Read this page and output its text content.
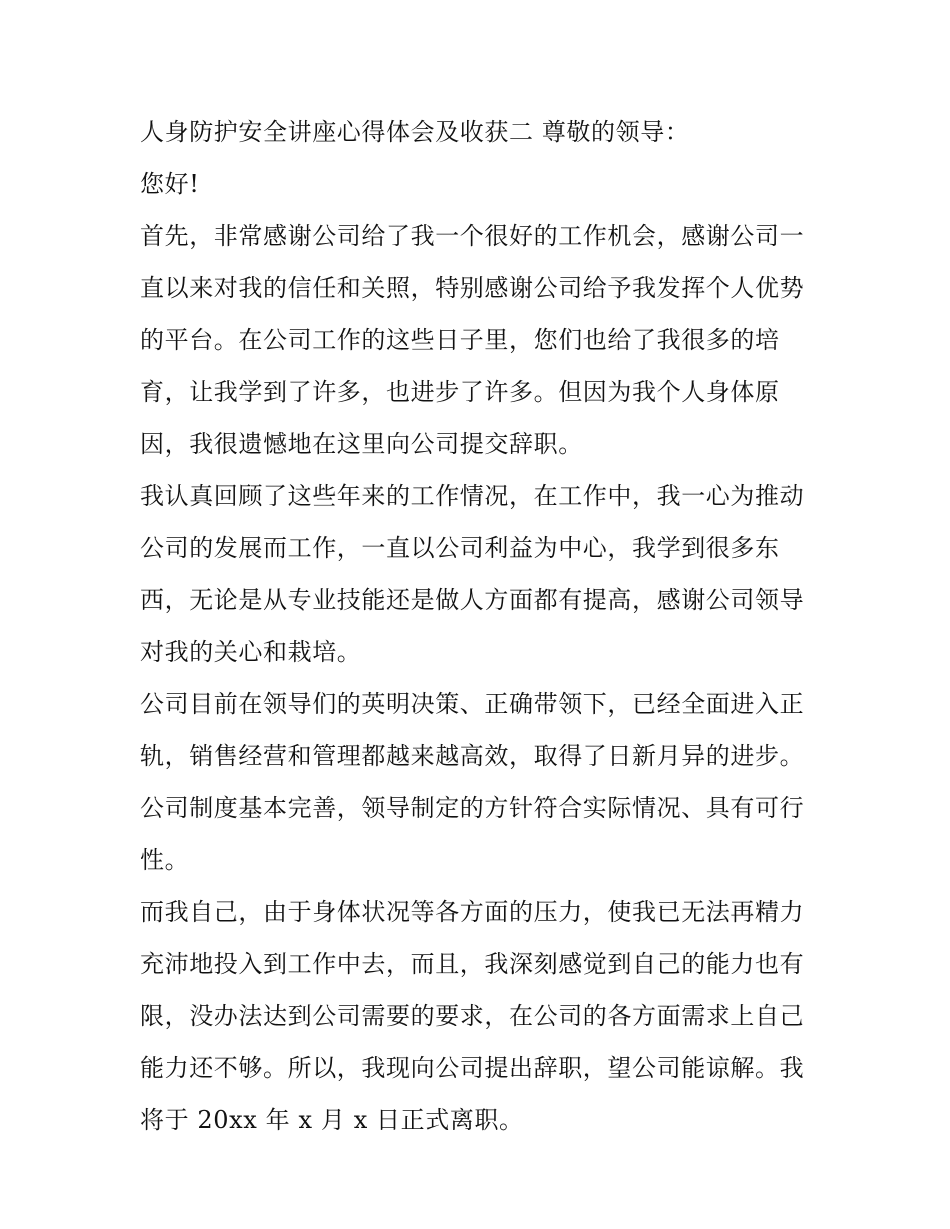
人身防护安全讲座心得体会及收获二 尊敬的领导：
您好!
首先，非常感谢公司给了我一个很好的工作机会，感谢公司一
直以来对我的信任和关照，特别感谢公司给予我发挥个人优势
的平台。在公司工作的这些日子里，您们也给了我很多的培
育，让我学到了许多，也进步了许多。但因为我个人身体原
因，我很遗憾地在这里向公司提交辞职。
我认真回顾了这些年来的工作情况，在工作中，我一心为推动
公司的发展而工作，一直以公司利益为中心，我学到很多东
西，无论是从专业技能还是做人方面都有提高，感谢公司领导
对我的关心和栽培。
公司目前在领导们的英明决策、正确带领下，已经全面进入正
轨，销售经营和管理都越来越高效，取得了日新月异的进步。
公司制度基本完善，领导制定的方针符合实际情况、具有可行
性。
而我自己，由于身体状况等各方面的压力，使我已无法再精力
充沛地投入到工作中去，而且，我深刻感觉到自己的能力也有
限，没办法达到公司需要的要求，在公司的各方面需求上自己
能力还不够。所以，我现向公司提出辞职，望公司能谅解。我
将于 20xx 年 x 月 x 日正式离职。
